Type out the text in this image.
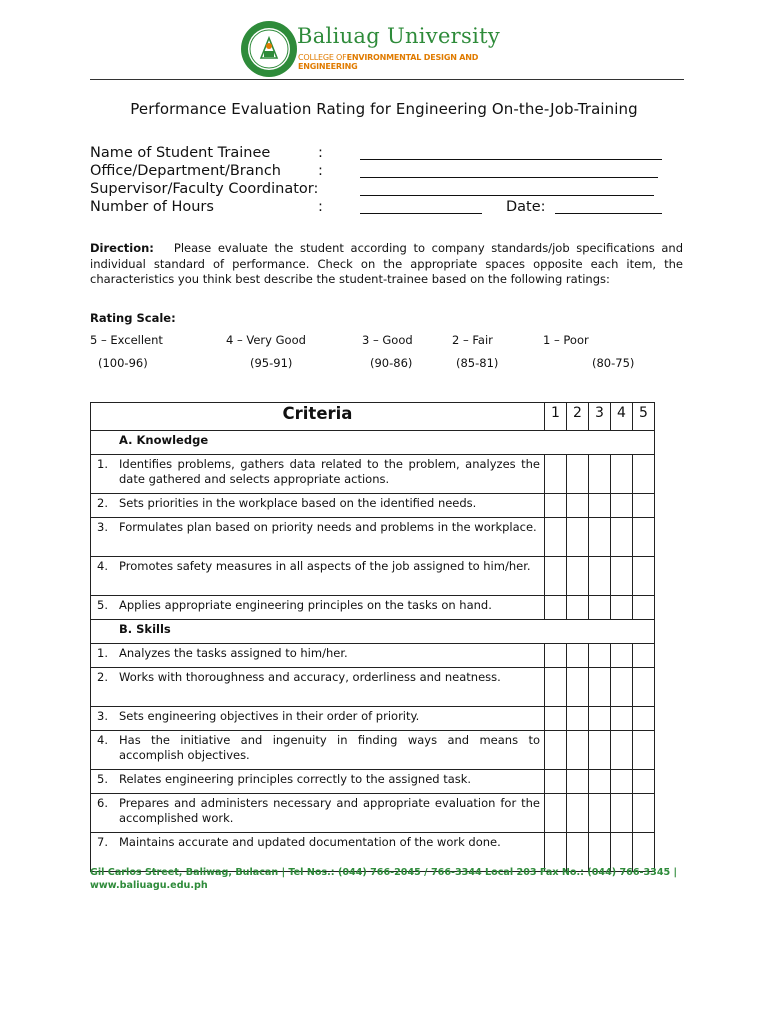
Baliuag University
COLLEGE OFENVIRONMENTAL DESIGN AND
ENGINEERING
Performance Evaluation Rating for Engineering On-the-Job-Training
Name of Student Trainee	:
Office/Department/Branch	:
Supervisor/Faculty Coordinator:
Number of Hours	:	Date:
Direction: Please evaluate the student according to company standards/job specifications and individual standard of performance. Check on the appropriate spaces opposite each item, the characteristics you think best describe the student-trainee based on the following ratings:
Rating Scale:
5 – Excellent	4 – Very Good	3 – Good	2 – Fair	1 – Poor
(100-96)	(95-91)	(90-86)	(85-81)	(80-75)
Criteria	1	2	3	4	5
A. Knowledge					

1. Identifies problems, gathers data related to the problem, analyzes the date gathered and selects appropriate actions.					

2. Sets priorities in the workplace based on the identified needs.					

3. Formulates plan based on priority needs and problems in the workplace.					

4. Promotes safety measures in all aspects of the job assigned to him/her.					

5. Applies appropriate engineering principles on the tasks on hand.					

B. Skills					

1. Analyzes the tasks assigned to him/her.					

2. Works with thoroughness and accuracy, orderliness and neatness.					

3. Sets engineering objectives in their order of priority.					

4. Has the initiative and ingenuity in finding ways and means to accomplish objectives.					

5. Relates engineering principles correctly to the assigned task.					

6. Prepares and administers necessary and appropriate evaluation for the accomplished work.					

7. Maintains accurate and updated documentation of the work done.					

Gil Carlos Street, Baliwag, Bulacan | Tel Nos.: (044) 766-2045 / 766-3344 Local 203 Fax No.: (044) 766-3345 | www.baliuagu.edu.ph
